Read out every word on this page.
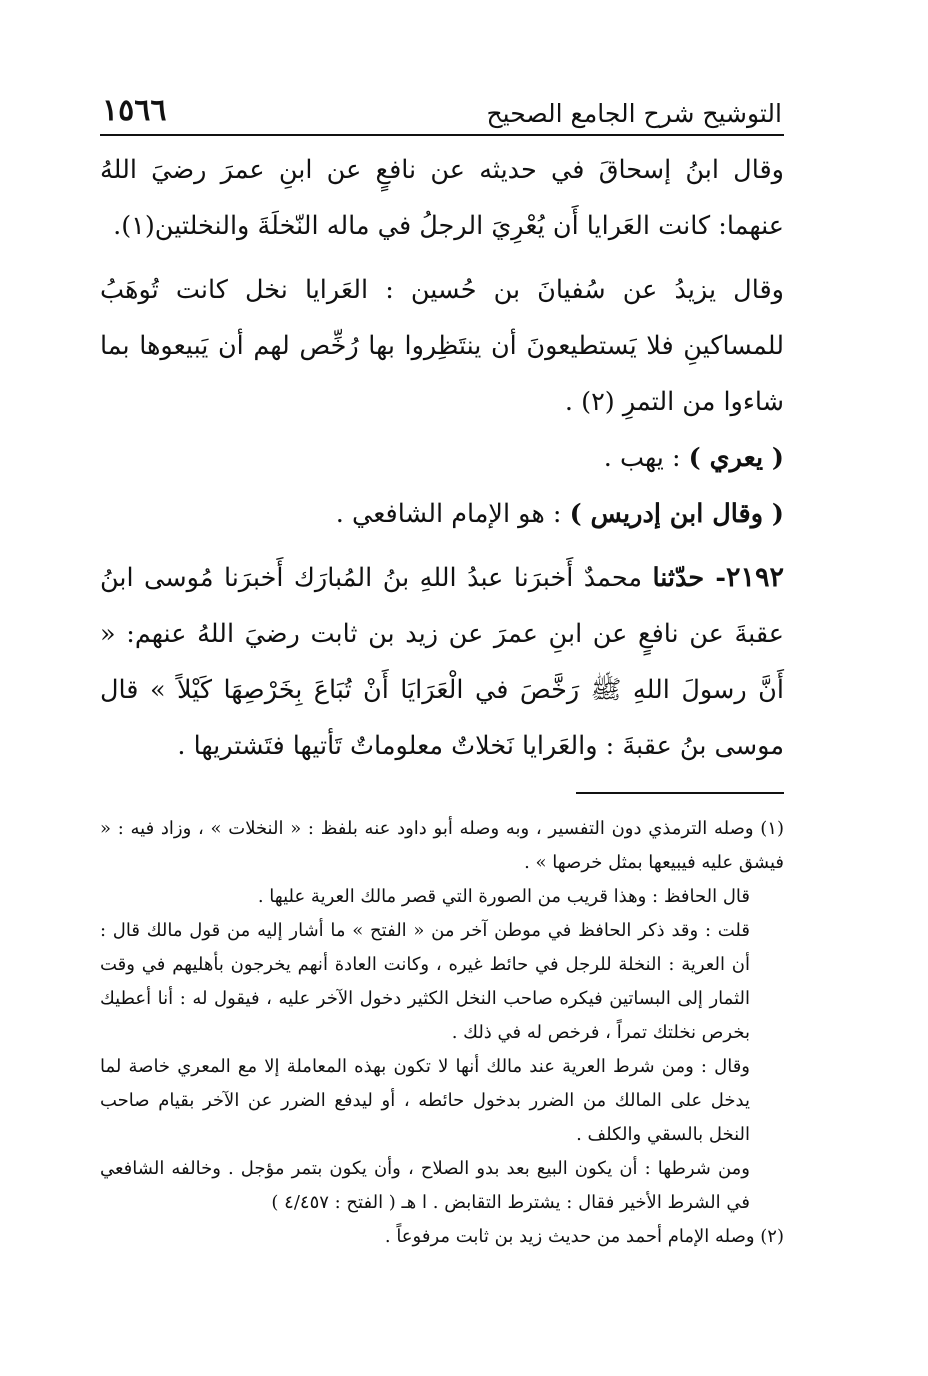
١٥٦٦	التوشيح شرح الجامع الصحيح

وقال ابنُ إسحاقَ في حديثه عن نافعٍ عن ابنِ عمرَ رضيَ اللهُ عنهما: كانت العَرايا أَن يُعْرِيَ الرجلُ في ماله النّخلَةَ والنخلتين(١).

وقال يزيدُ عن سُفيانَ بن حُسين : العَرايا نخل كانت تُوهَبُ للمساكينِ فلا يَستطيعونَ أن ينتَظِروا بها رُخِّص لهم أن يَبيعوها بما شاءوا من التمرِ (٢) .

( يعري ) : يهب .

( وقال ابن إدريس ) : هو الإمام الشافعي .

٢١٩٢- حدّثنا محمدٌ أَخبرَنا عبدُ اللهِ بنُ المُبارَك أَخبرَنا مُوسى ابنُ عقبةَ عن نافعٍ عن ابنِ عمرَ عن زيد بن ثابت رضيَ اللهُ عنهم: « أَنَّ رسولَ اللهِ ﷺ رَخَّصَ في الْعَرَايَا أَنْ تُبَاعَ بِخَرْصِهَا كَيْلاً » قال موسى بنُ عقبةَ : والعَرايا نَخلاتٌ معلوماتٌ تَأتيها فتَشتريها .

(١) وصله الترمذي دون التفسير ، وبه وصله أبو داود عنه بلفظ : « النخلات » ، وزاد فيه : « فيشق عليه فيبيعها بمثل خرصها » .

قال الحافظ : وهذا قريب من الصورة التي قصر مالك العرية عليها .

قلت : وقد ذكر الحافظ في موطن آخر من « الفتح » ما أشار إليه من قول مالك قال : أن العرية : النخلة للرجل في حائط غيره ، وكانت العادة أنهم يخرجون بأهليهم في وقت الثمار إلى البساتين فيكره صاحب النخل الكثير دخول الآخر عليه ، فيقول له : أنا أعطيك بخرص نخلتك تمراً ، فرخص له في ذلك .

وقال : ومن شرط العرية عند مالك أنها لا تكون بهذه المعاملة إلا مع المعري خاصة لما يدخل على المالك من الضرر بدخول حائطه ، أو ليدفع الضرر عن الآخر بقيام صاحب النخل بالسقي والكلف .

ومن شرطها : أن يكون البيع بعد بدو الصلاح ، وأن يكون بتمر مؤجل . وخالفه الشافعي في الشرط الأخير فقال : يشترط التقابض . ا هـ ( الفتح : ٤/٤٥٧ )

(٢) وصله الإمام أحمد من حديث زيد بن ثابت مرفوعاً .
